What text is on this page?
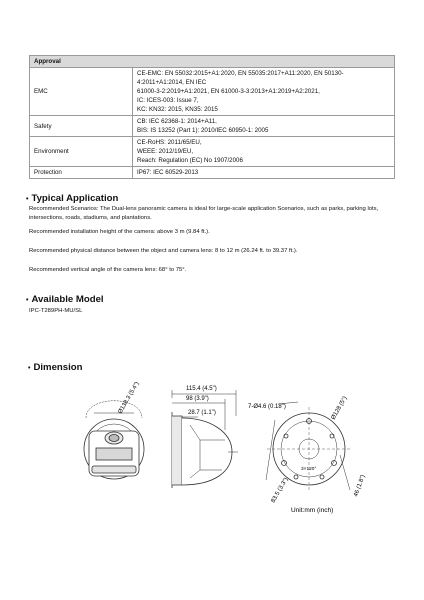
Approval	
EMC	CE-EMC: EN 55032:2015+A1:2020, EN 55035:2017+A11:2020, EN 50130-4:2011+A1:2014, EN IEC
61000-3-2:2019+A1:2021, EN 61000-3-3:2013+A1:2019+A2:2021,
IC: ICES-003: Issue 7,
KC: KN32: 2015, KN35: 2015

Safety	CB: IEC 62368-1: 2014+A11,
BIS: IS 13252 (Part 1): 2010/IEC 60950-1: 2005

Environment	CE-RoHS: 2011/65/EU,
WEEE: 2012/19/EU,
Reach: Regulation (EC) No 1907/2006

Protection	IP67: IEC 60529-2013
• Typical Application
Recommended Scenarios: The Dual-lens panoramic camera is ideal for large-scale application Scenarios, such as parks, parking lots, intersections, roads, stadiums, and plantations.
Recommended installation height of the camera: above 3 m (9.84 ft.).
Recommended physical distance between the object and camera lens: 8 to 12 m (26.24 ft. to 39.37 ft.).
Recommended vertical angle of the camera lens: 68° to 75°.
• Available Model
IPC-T289PH-MU/SL
• Dimension
Ø138.3 (5.4")	115.4 (4.5")
98 (3.9")
28.7 (1.1")
7-Ø4.6 (0.18")	Ø128 (5")
3×120°
83.5 (3.3")	46 (1.8")
Unit:mm (inch)
